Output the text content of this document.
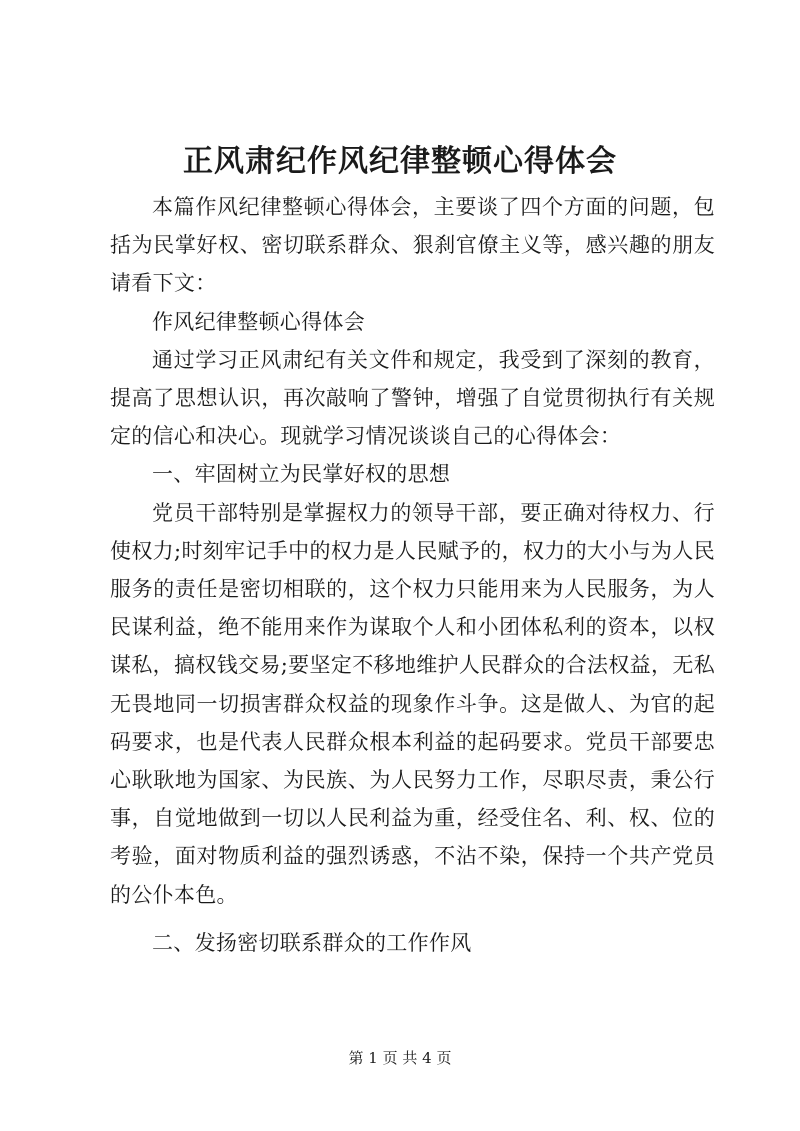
正风肃纪作风纪律整顿心得体会

本篇作风纪律整顿心得体会，主要谈了四个方面的问题，包括为民掌好权、密切联系群众、狠刹官僚主义等，感兴趣的朋友请看下文：

作风纪律整顿心得体会

通过学习正风肃纪有关文件和规定，我受到了深刻的教育，提高了思想认识，再次敲响了警钟，增强了自觉贯彻执行有关规定的信心和决心。现就学习情况谈谈自己的心得体会：

一、牢固树立为民掌好权的思想

党员干部特别是掌握权力的领导干部，要正确对待权力、行使权力;时刻牢记手中的权力是人民赋予的，权力的大小与为人民服务的责任是密切相联的，这个权力只能用来为人民服务，为人民谋利益，绝不能用来作为谋取个人和小团体私利的资本，以权谋私，搞权钱交易;要坚定不移地维护人民群众的合法权益，无私无畏地同一切损害群众权益的现象作斗争。这是做人、为官的起码要求，也是代表人民群众根本利益的起码要求。党员干部要忠心耿耿地为国家、为民族、为人民努力工作，尽职尽责，秉公行事，自觉地做到一切以人民利益为重，经受住名、利、权、位的考验，面对物质利益的强烈诱惑，不沾不染，保持一个共产党员的公仆本色。

二、发扬密切联系群众的工作作风

第 1 页 共 4 页
